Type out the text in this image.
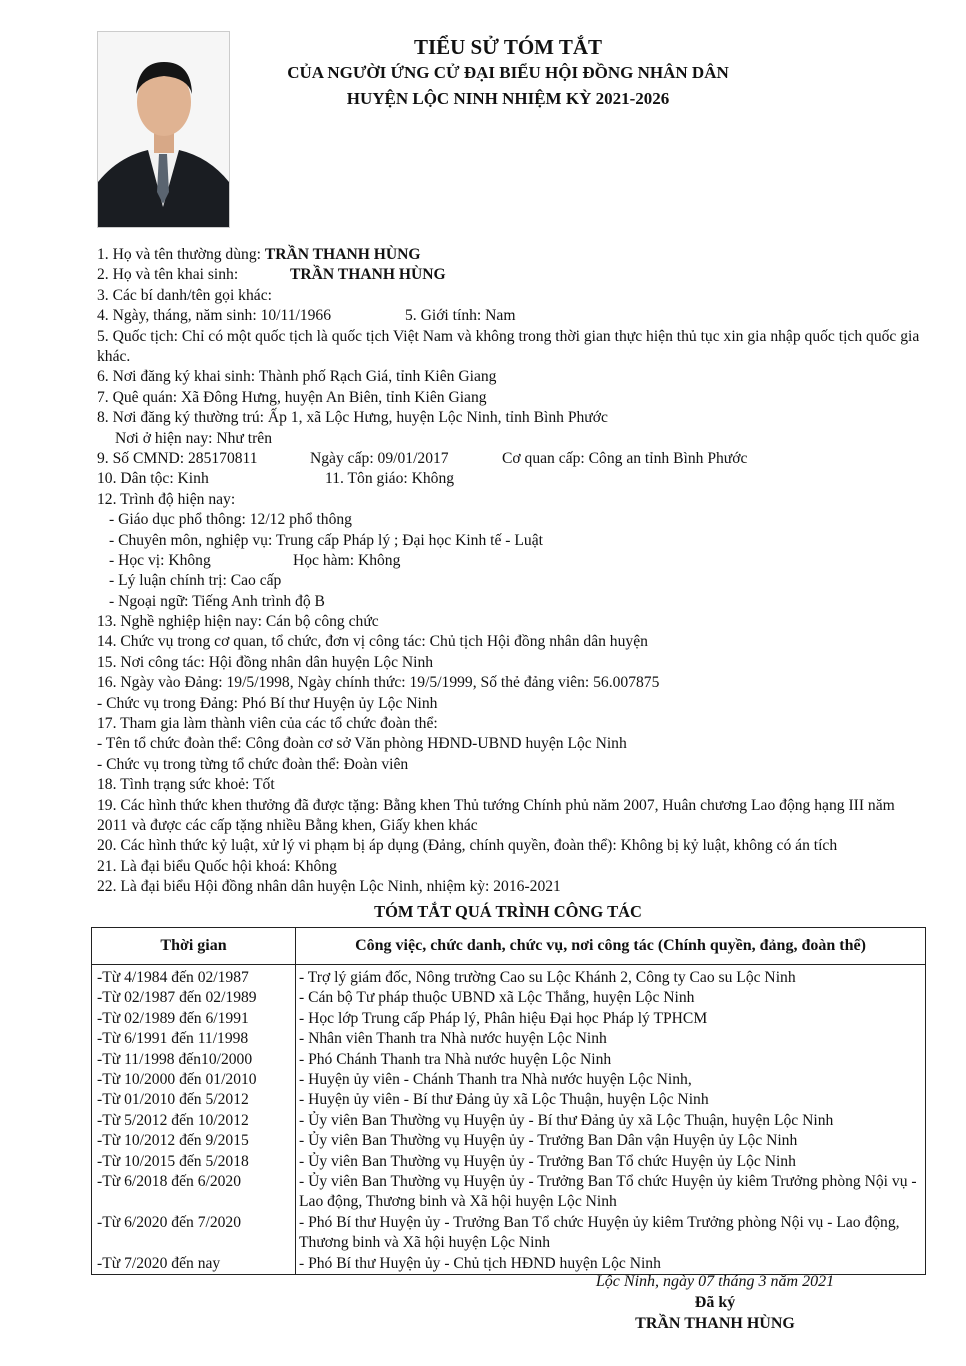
TIỂU SỬ TÓM TẮT
CỦA NGƯỜI ỨNG CỬ ĐẠI BIỂU HỘI ĐỒNG NHÂN DÂN
HUYỆN LỘC NINH NHIỆM KỲ 2021-2026
1. Họ và tên thường dùng: TRẦN THANH HÙNG
2. Họ và tên khai sinh:	TRẦN THANH HÙNG
3. Các bí danh/tên gọi khác:
4. Ngày, tháng, năm sinh: 10/11/1966	5. Giới tính: Nam
5. Quốc tịch: Chỉ có một quốc tịch là quốc tịch Việt Nam và không trong thời gian thực hiện thủ tục xin gia nhập quốc tịch quốc gia khác.
6. Nơi đăng ký khai sinh: Thành phố Rạch Giá, tỉnh Kiên Giang
7. Quê quán: Xã Đông Hưng, huyện An Biên, tỉnh Kiên Giang
8. Nơi đăng ký thường trú: Ấp 1, xã Lộc Hưng, huyện Lộc Ninh, tỉnh Bình Phước
Nơi ở hiện nay: Như trên
9. Số CMND: 285170811	Ngày cấp: 09/01/2017	Cơ quan cấp: Công an tỉnh Bình Phước
10. Dân tộc: Kinh	11. Tôn giáo: Không
12. Trình độ hiện nay:
- Giáo dục phổ thông: 12/12 phổ thông
- Chuyên môn, nghiệp vụ: Trung cấp Pháp lý ; Đại học Kinh tế - Luật
- Học vị: Không	Học hàm: Không
- Lý luận chính trị: Cao cấp
- Ngoại ngữ: Tiếng Anh trình độ B
13. Nghề nghiệp hiện nay: Cán bộ công chức
14. Chức vụ trong cơ quan, tổ chức, đơn vị công tác: Chủ tịch Hội đồng nhân dân huyện
15. Nơi công tác: Hội đồng nhân dân huyện Lộc Ninh
16. Ngày vào Đảng: 19/5/1998, Ngày chính thức: 19/5/1999, Số thẻ đảng viên: 56.007875
- Chức vụ trong Đảng: Phó Bí thư Huyện ủy Lộc Ninh
17. Tham gia làm thành viên của các tổ chức đoàn thể:
- Tên tổ chức đoàn thể: Công đoàn cơ sở Văn phòng HĐND-UBND huyện Lộc Ninh
- Chức vụ trong từng tổ chức đoàn thể: Đoàn viên
18. Tình trạng sức khoẻ: Tốt
19. Các hình thức khen thưởng đã được tặng: Bằng khen Thủ tướng Chính phủ năm 2007, Huân chương Lao động hạng III năm 2011 và được các cấp tặng nhiều Bằng khen, Giấy khen khác
20. Các hình thức kỷ luật, xử lý vi phạm bị áp dụng (Đảng, chính quyền, đoàn thể): Không bị kỷ luật, không có án tích
21. Là đại biểu Quốc hội khoá: Không
22. Là đại biểu Hội đồng nhân dân huyện Lộc Ninh, nhiệm kỳ: 2016-2021
TÓM TẮT QUÁ TRÌNH CÔNG TÁC
Thời gian	Công việc, chức danh, chức vụ, nơi công tác (Chính quyền, đảng, đoàn thể)
-Từ 4/1984 đến 02/1987	- Trợ lý giám đốc, Nông trường Cao su Lộc Khánh 2, Công ty Cao su Lộc Ninh
-Từ 02/1987 đến 02/1989	- Cán bộ Tư pháp thuộc UBND xã Lộc Thắng, huyện Lộc Ninh
-Từ 02/1989 đến 6/1991	- Học lớp Trung cấp Pháp lý, Phân hiệu Đại học Pháp lý TPHCM
-Từ 6/1991 đến 11/1998	- Nhân viên Thanh tra Nhà nước huyện Lộc Ninh
-Từ 11/1998 đến10/2000	- Phó Chánh Thanh tra Nhà nước huyện Lộc Ninh
-Từ 10/2000 đến 01/2010	- Huyện ủy viên - Chánh Thanh tra Nhà nước huyện Lộc Ninh,
-Từ 01/2010 đến 5/2012	- Huyện ủy viên - Bí thư Đảng ủy xã Lộc Thuận, huyện Lộc Ninh
-Từ 5/2012 đến 10/2012	- Ủy viên Ban Thường vụ Huyện ủy - Bí thư Đảng ủy xã Lộc Thuận, huyện Lộc Ninh
-Từ 10/2012 đến 9/2015	- Ủy viên Ban Thường vụ Huyện ủy - Trưởng Ban Dân vận Huyện ủy Lộc Ninh
-Từ 10/2015 đến 5/2018	- Ủy viên Ban Thường vụ Huyện ủy - Trưởng Ban Tổ chức Huyện ủy Lộc Ninh
-Từ 6/2018 đến 6/2020	- Ủy viên Ban Thường vụ Huyện ủy - Trưởng Ban Tổ chức Huyện ủy kiêm Trưởng phòng Nội vụ - Lao động, Thương binh và Xã hội huyện Lộc Ninh
-Từ 6/2020 đến 7/2020	- Phó Bí thư Huyện ủy - Trưởng Ban Tổ chức Huyện ủy kiêm Trưởng phòng Nội vụ - Lao động, Thương binh và Xã hội huyện Lộc Ninh
-Từ 7/2020 đến nay	- Phó Bí thư Huyện ủy - Chủ tịch HĐND huyện Lộc Ninh
Lộc Ninh, ngày 07 tháng 3 năm 2021
Đã ký
TRẦN THANH HÙNG
